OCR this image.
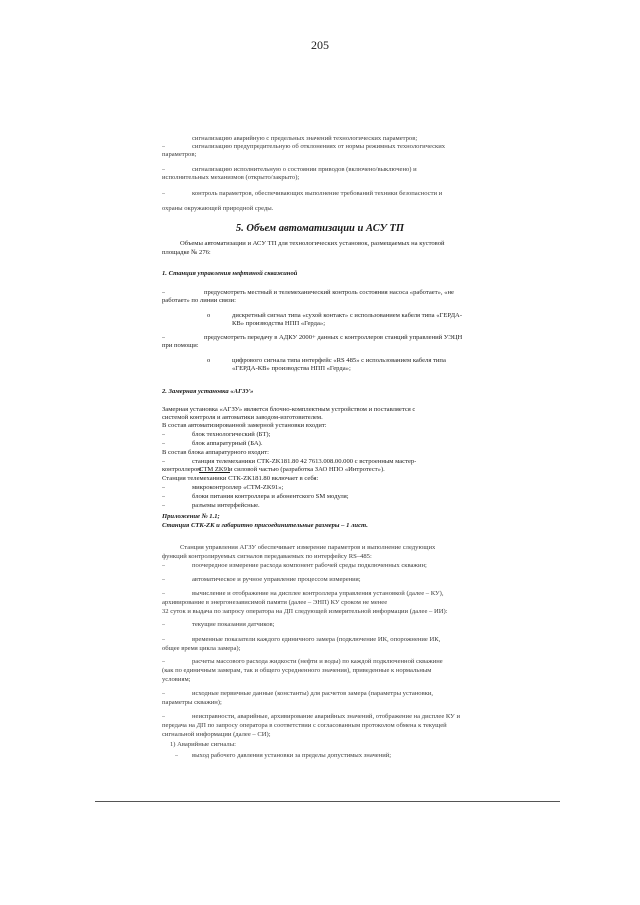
205
сигнализацию аварийную с предельных значений технологических параметров;
–	сигнализацию предупредительную об отклонениях от нормы режимных технологических
параметров;
–	сигнализацию исполнительную о состоянии приводов (включено/выключено) и
исполнительных механизмов (открыто/закрыто);
–	контроль параметров, обеспечивающих выполнение требований техники безопасности и
охраны окружающей природной среды.
5. Объем автоматизации и АСУ ТП
Объемы автоматизации и АСУ ТП для технологических установок, размещаемых на кустовой
площадке № 276:
1. Станция управления нефтяной скважиной
–	предусмотреть местный и телемеханический контроль состояния насоса «работает», «не
работает» по линии связи:
о	дискретный сигнал типа «сухой контакт» с использованием кабеля типа «ГЕРДА-
КВ» производства НПП «Герда»;
–	предусмотреть передачу в АДКУ 2000+ данных с контроллеров станций управлений УЭЦН
при помощи:
о	цифрового сигнала типа интерфейс «RS 485» с использованием кабеля типа
«ГЕРДА-КВ» производства НПП «Герда»;
2. Замерная установка «АГЗУ»
Замерная установка «АГЗУ» является блочно-комплектным устройством и поставляется с
системой контроля и автоматики заводом-изготовителем.
В состав автоматизированной замерной установки входит:
–	блок технологический (БТ);
–	блок аппаратурный (БА).
В состав блока аппаратурного входит:
–	станция телемеханики СТК-ZK181.80 42 7613.008.00.000 с встроенным мастер-
контроллером
СТМ ZK91
и силовой частью (разработка ЗАО НПО «Интротест»).
Станция телемеханики СТК-ZK181.80 включает в себя:
–	микроконтроллер «СТМ-ZK91»;
–	блоки питания контроллера и абонентского SM модуля;
–	разъемы интерфейсные.
Приложение № 1.1;
Станция СТК-ZK и габаритно присоединительные размеры – 1 лист.
Станция управления АГЗУ обеспечивает измерение параметров и выполнение следующих
функций контролируемых сигналов передаваемых по интерфейсу RS–485:
–	поочередное измерение расхода компонент рабочей среды подключенных скважин;
–	автоматическое и ручное управление процессом измерения;
–	вычисление и отображение на дисплее контроллера управления установкой (далее – КУ),
архивирование в энергонезависимой памяти (далее – ЭНП) КУ сроком не менее
32 суток и выдача по запросу оператора на ДП следующей измерительной информации (далее – ИИ):
–	текущие показания датчиков;
–	временные показатели каждого единичного замера (подключение ИК, опорожнение ИК,
общее время цикла замера);
–	расчеты массового расхода жидкости (нефти и воды) по каждой подключенной скважине
(как по единичным замерам, так и общего усредненного значения), приведенные к нормальным
условиям;
–	исходные первичные данные (константы) для расчетов замера (параметры установки,
параметры скважин);
–	неисправности, аварийные, архивирование аварийных значений, отображение на дисплее КУ и
передача на ДП по запросу оператора в соответствии с согласованным протоколом обмена к текущей
сигнальной информации (далее – СИ);
1) Аварийные сигналы:
– выход рабочего давления установки за пределы допустимых значений;
